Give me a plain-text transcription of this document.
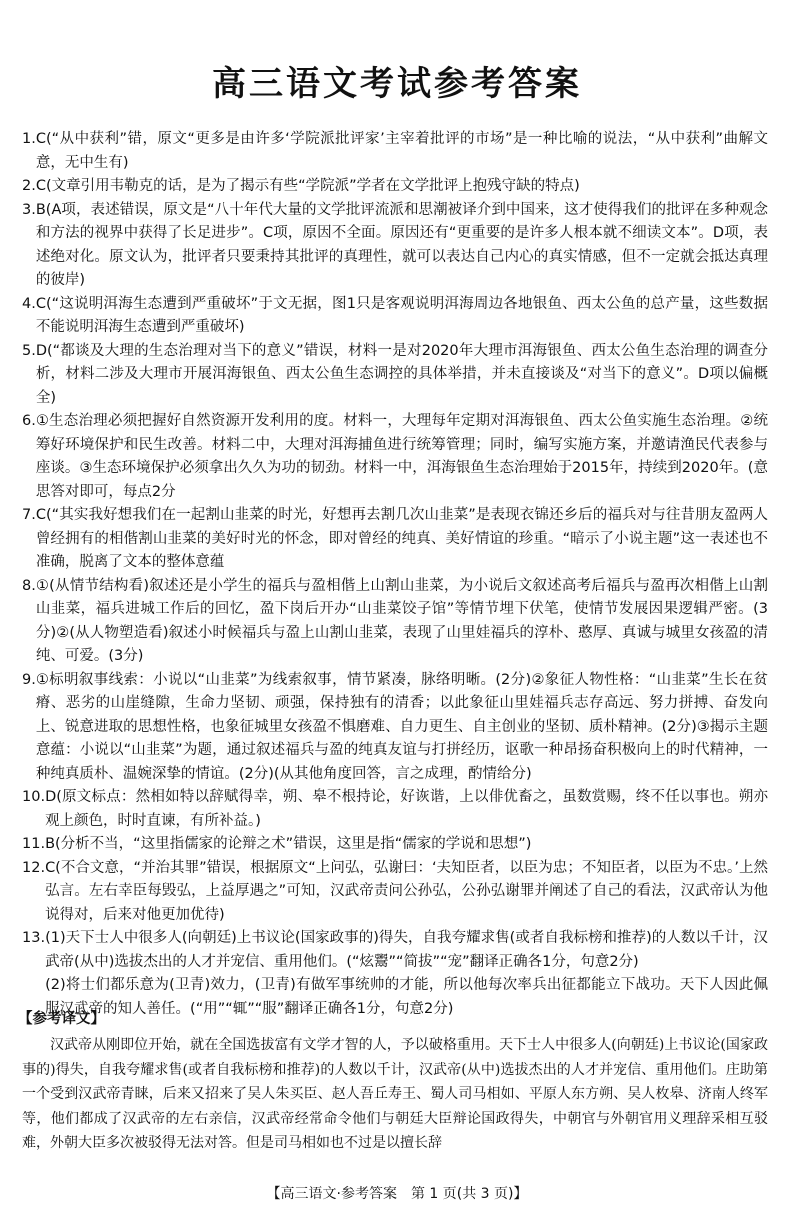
高三语文考试参考答案
1. C(“从中获利”错，原文“更多是由许多‘学院派批评家’主宰着批评的市场”是一种比喻的说法，“从中获利”曲解文意，无中生有)
2. C(文章引用韦勒克的话，是为了揭示有些“学院派”学者在文学批评上抱残守缺的特点)
3. B(A项，表述错误，原文是“八十年代大量的文学批评流派和思潮被译介到中国来，这才使得我们的批评在多种观念和方法的视界中获得了长足进步”。C项，原因不全面。原因还有“更重要的是许多人根本就不细读文本”。D项，表述绝对化。原文认为，批评者只要秉持其批评的真理性，就可以表达自己内心的真实情感，但不一定就会抵达真理的彼岸)
4. C(“这说明洱海生态遭到严重破坏”于文无据，图1只是客观说明洱海周边各地银鱼、西太公鱼的总产量，这些数据不能说明洱海生态遭到严重破坏)
5. D(“都谈及大理的生态治理对当下的意义”错误，材料一是对2020年大理市洱海银鱼、西太公鱼生态治理的调查分析，材料二涉及大理市开展洱海银鱼、西太公鱼生态调控的具体举措，并未直接谈及“对当下的意义”。D项以偏概全)
6. ①生态治理必须把握好自然资源开发利用的度。材料一，大理每年定期对洱海银鱼、西太公鱼实施生态治理。②统筹好环境保护和民生改善。材料二中，大理对洱海捕鱼进行统筹管理；同时，编写实施方案，并邀请渔民代表参与座谈。③生态环境保护必须拿出久久为功的韧劲。材料一中，洱海银鱼生态治理始于2015年，持续到2020年。(意思答对即可，每点2分
7. C(“其实我好想我们在一起割山韭菜的时光，好想再去割几次山韭菜”是表现衣锦还乡后的福兵对与往昔朋友盈两人曾经拥有的相偕割山韭菜的美好时光的怀念，即对曾经的纯真、美好情谊的珍重。“暗示了小说主题”这一表述也不准确，脱离了文本的整体意蕴
8. ①(从情节结构看)叙述还是小学生的福兵与盈相偕上山割山韭菜，为小说后文叙述高考后福兵与盈再次相偕上山割山韭菜，福兵进城工作后的回忆，盈下岗后开办“山韭菜饺子馆”等情节埋下伏笔，使情节发展因果逻辑严密。(3分)②(从人物塑造看)叙述小时候福兵与盈上山割山韭菜，表现了山里娃福兵的淳朴、憨厚、真诚与城里女孩盈的清纯、可爱。(3分)
9. ①标明叙事线索：小说以“山韭菜”为线索叙事，情节紧凑，脉络明晰。(2分)②象征人物性格：“山韭菜”生长在贫瘠、恶劣的山崖缝隙，生命力坚韧、顽强，保持独有的清香；以此象征山里娃福兵志存高远、努力拼搏、奋发向上、锐意进取的思想性格，也象征城里女孩盈不惧磨难、自力更生、自主创业的坚韧、质朴精神。(2分)③揭示主题意蕴：小说以“山韭菜”为题，通过叙述福兵与盈的纯真友谊与打拼经历，讴歌一种昂扬奋积极向上的时代精神，一种纯真质朴、温婉深挚的情谊。(2分)(从其他角度回答，言之成理，酌情给分)
10. D(原文标点：然相如特以辞赋得幸，朔、皋不根持论，好诙谐，上以俳优畜之，虽数赏赐，终不任以事也。朔亦观上颜色，时时直谏，有所补益。)
11. B(分析不当，“这里指儒家的论辩之术”错误，这里是指“儒家的学说和思想”)
12. C(不合文意，“并治其罪”错误，根据原文“上问弘，弘谢曰：‘夫知臣者，以臣为忠；不知臣者，以臣为不忠。’上然弘言。左右幸臣每毁弘，上益厚遇之”可知，汉武帝责问公孙弘，公孙弘谢罪并阐述了自己的看法，汉武帝认为他说得对，后来对他更加优待)
13. (1)天下士人中很多人(向朝廷)上书议论(国家政事的)得失，自我夸耀求售(或者自我标榜和推荐)的人数以千计，汉武帝(从中)选拔杰出的人才并宠信、重用他们。(“炫鬻”“简拔”“宠”翻译正确各1分，句意2分)

(2)将士们都乐意为(卫青)效力，(卫青)有做军事统帅的才能，所以他每次率兵出征都能立下战功。天下人因此佩服汉武帝的知人善任。(“用”“辄”“服”翻译正确各1分，句意2分)

【参考译文】

汉武帝从刚即位开始，就在全国选拔富有文学才智的人，予以破格重用。天下士人中很多人(向朝廷)上书议论(国家政事的)得失，自我夸耀求售(或者自我标榜和推荐)的人数以千计，汉武帝(从中)选拔杰出的人才并宠信、重用他们。庄助第一个受到汉武帝青睐，后来又招来了吴人朱买臣、赵人吾丘寿王、蜀人司马相如、平原人东方朔、吴人枚皋、济南人终军等，他们都成了汉武帝的左右亲信，汉武帝经常命令他们与朝廷大臣辩论国政得失，中朝官与外朝官用义理辞采相互驳难，外朝大臣多次被驳得无法对答。但是司马相如也不过是以擅长辞

【高三语文·参考答案　第 1 页(共 3 页)】
